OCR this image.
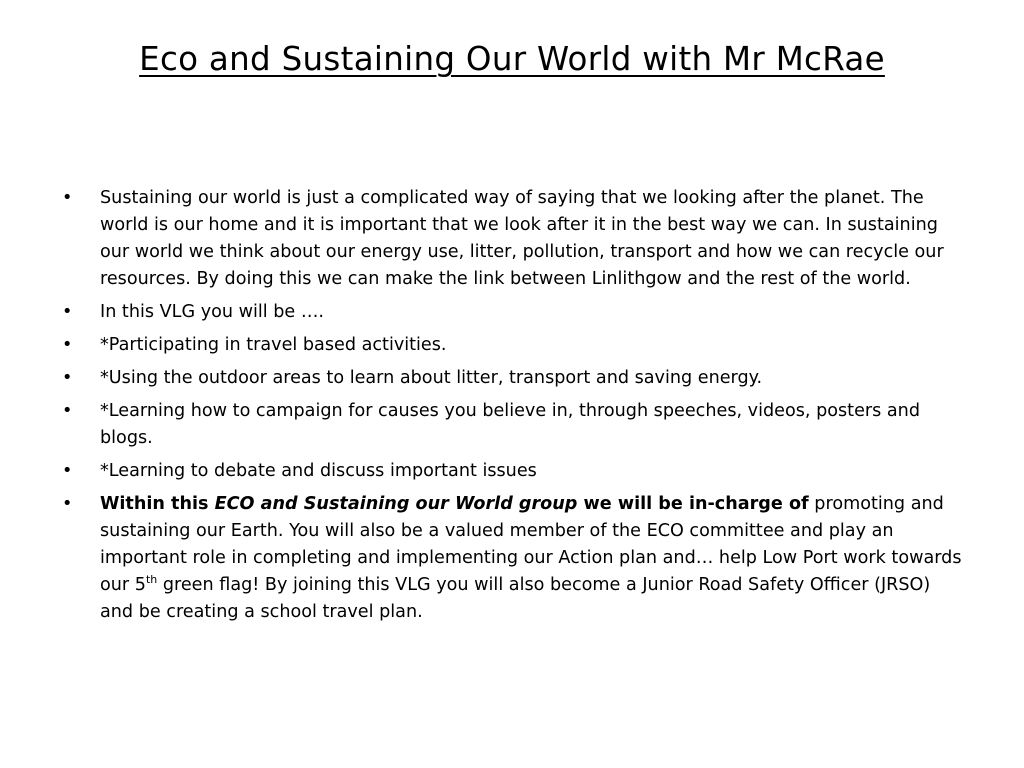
Eco and Sustaining Our World with Mr McRae
• Sustaining our world is just a complicated way of saying that we looking after the planet. The world is our home and it is important that we look after it in the best way we can. In sustaining our world we think about our energy use, litter, pollution, transport and how we can recycle our resources. By doing this we can make the link between Linlithgow and the rest of the world.
• In this VLG you will be ….
• *Participating in travel based activities.
• *Using the outdoor areas to learn about litter, transport and saving energy.
• *Learning how to campaign for causes you believe in, through speeches, videos, posters and blogs.
• *Learning to debate and discuss important issues
• Within this ECO and Sustaining our World group we will be in-charge of promoting and sustaining our Earth. You will also be a valued member of the ECO committee and play an important role in completing and implementing our Action plan and… help Low Port work towards our 5th green flag! By joining this VLG you will also become a Junior Road Safety Officer (JRSO) and be creating a school travel plan.
